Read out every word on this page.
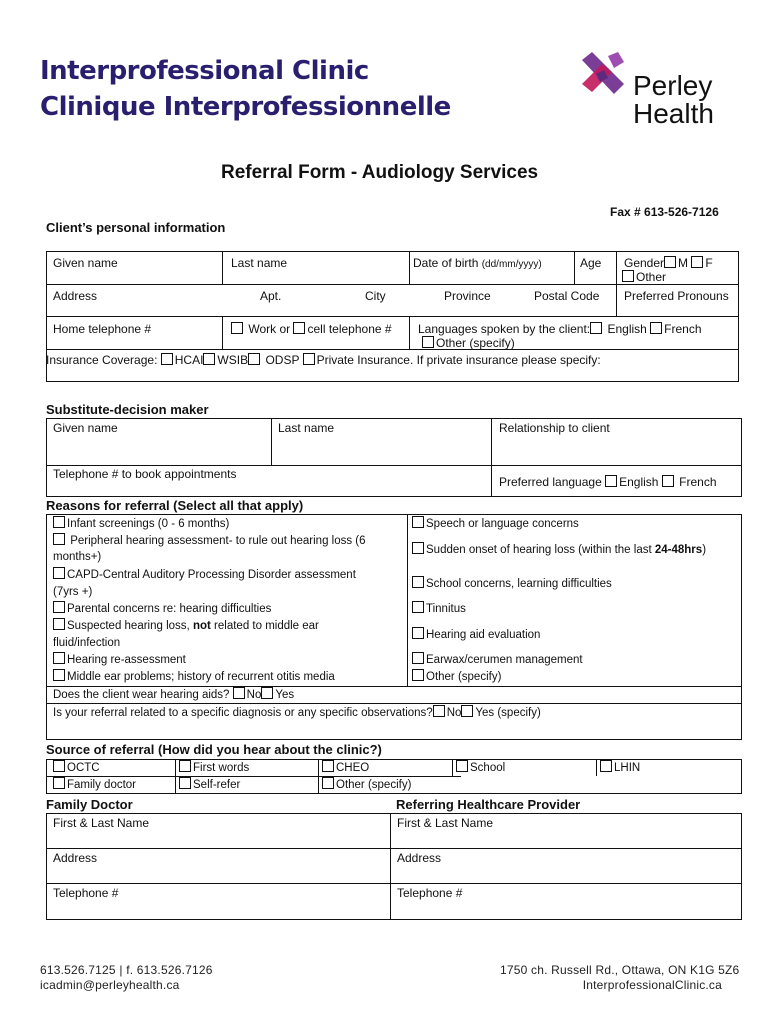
Interprofessional Clinic
Clinique Interprofessionnelle
Perley
Health
Referral Form - Audiology Services
Fax # 613-526-7126
Client’s personal information
Given name	Last name	Date of birth (dd/mm/yyyy)	Age Gender M F
Other
Address	Apt.	City	Province	Postal Code Preferred Pronouns
Home telephone #	Work or cell telephone # Languages spoken by the client: English French
Other (specify)
Insurance Coverage: HCAI WSIB ODSP Private Insurance. If private insurance please specify:
Substitute-decision maker
Given name	Last name	Relationship to client
Telephone # to book appointments
Preferred language English French
Reasons for referral (Select all that apply)
Infant screenings (0 - 6 months)
Peripheral hearing assessment- to rule out hearing loss (6
months+)
CAPD-Central Auditory Processing Disorder assessment
(7yrs +)
Parental concerns re: hearing difficulties
Suspected hearing loss, not related to middle ear
fluid/infection
Hearing re-assessment
Middle ear problems; history of recurrent otitis media
Speech or language concerns
Sudden onset of hearing loss (within the last 24-48hrs)
School concerns, learning difficulties
Tinnitus
Hearing aid evaluation
Earwax/cerumen management
Other (specify)
Does the client wear hearing aids? No Yes
Is your referral related to a specific diagnosis or any specific observations? No Yes (specify)
Source of referral (How did you hear about the clinic?)
OCTC	First words	CHEO	School	LHIN
Family doctor	Self-refer	Other (specify)
Family Doctor	Referring Healthcare Provider
First & Last Name
Address
Telephone #
First & Last Name
Address
Telephone #
613.526.7125 | f. 613.526.7126
icadmin@perleyhealth.ca
1750 ch. Russell Rd., Ottawa, ON K1G 5Z6
InterprofessionalClinic.ca
